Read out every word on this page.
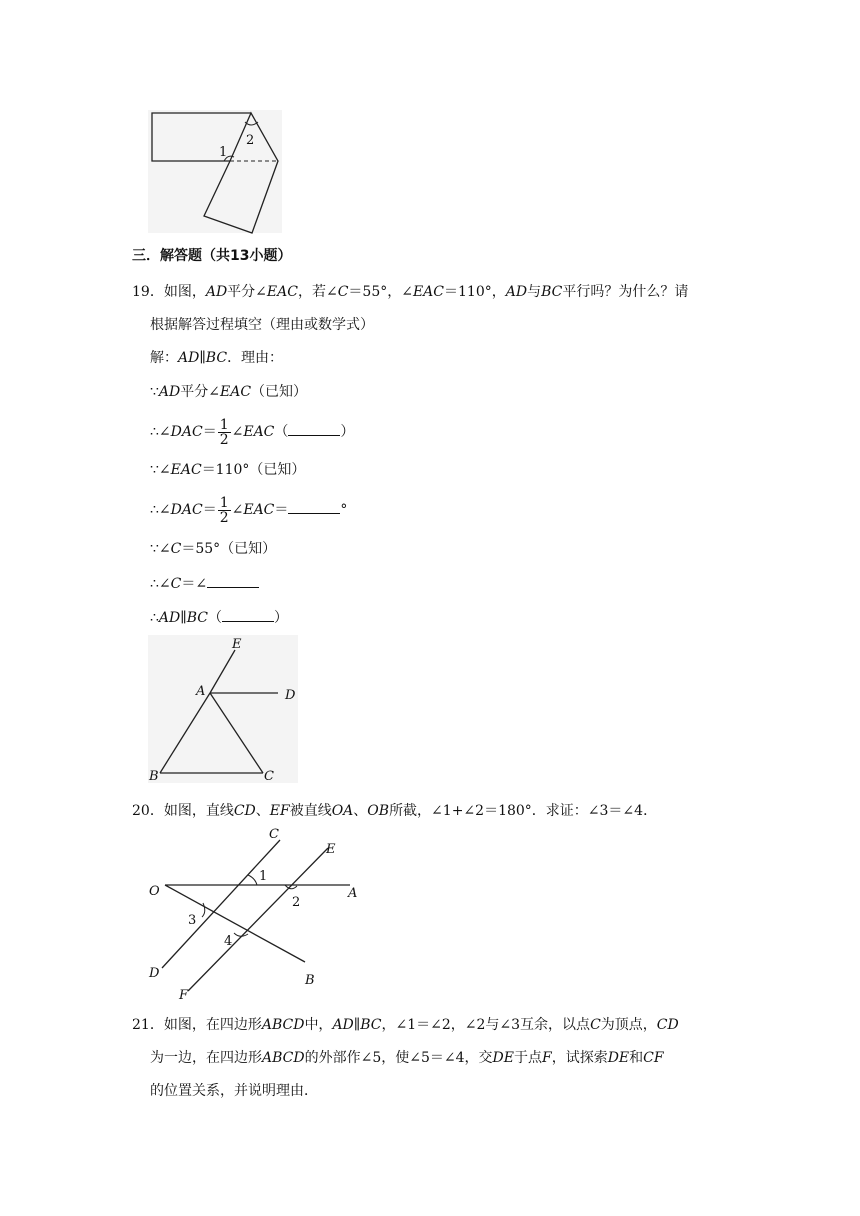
2
1
三．解答题（共13小题）
19．如图，AD平分∠EAC，若∠C＝55°，∠EAC＝110°，AD与BC平行吗？为什么？请
根据解答过程填空（理由或数学式）
解：AD∥BC．理由：
∵AD平分∠EAC（已知）
∴∠DAC＝ $\frac{1}{2}$ ∠EAC（	）
∵∠EAC＝110°（已知）
∴∠DAC＝ $\frac{1}{2}$ ∠EAC＝	°
∵∠C＝55°（已知）
∴∠C＝∠
∴AD∥BC（	）
E
A	D
B	C
20．如图，直线CD、EF被直线OA、OB所截，∠1+∠2＝180°．求证：∠3＝∠4．
C
E
O	A
D
F
B
1
2
3
4
21．如图，在四边形ABCD中，AD∥BC，∠1＝∠2，∠2与∠3互余，以点C为顶点，CD
为一边，在四边形ABCD的外部作∠5，使∠5＝∠4，交DE于点F，试探索DE和CF
的位置关系，并说明理由．
